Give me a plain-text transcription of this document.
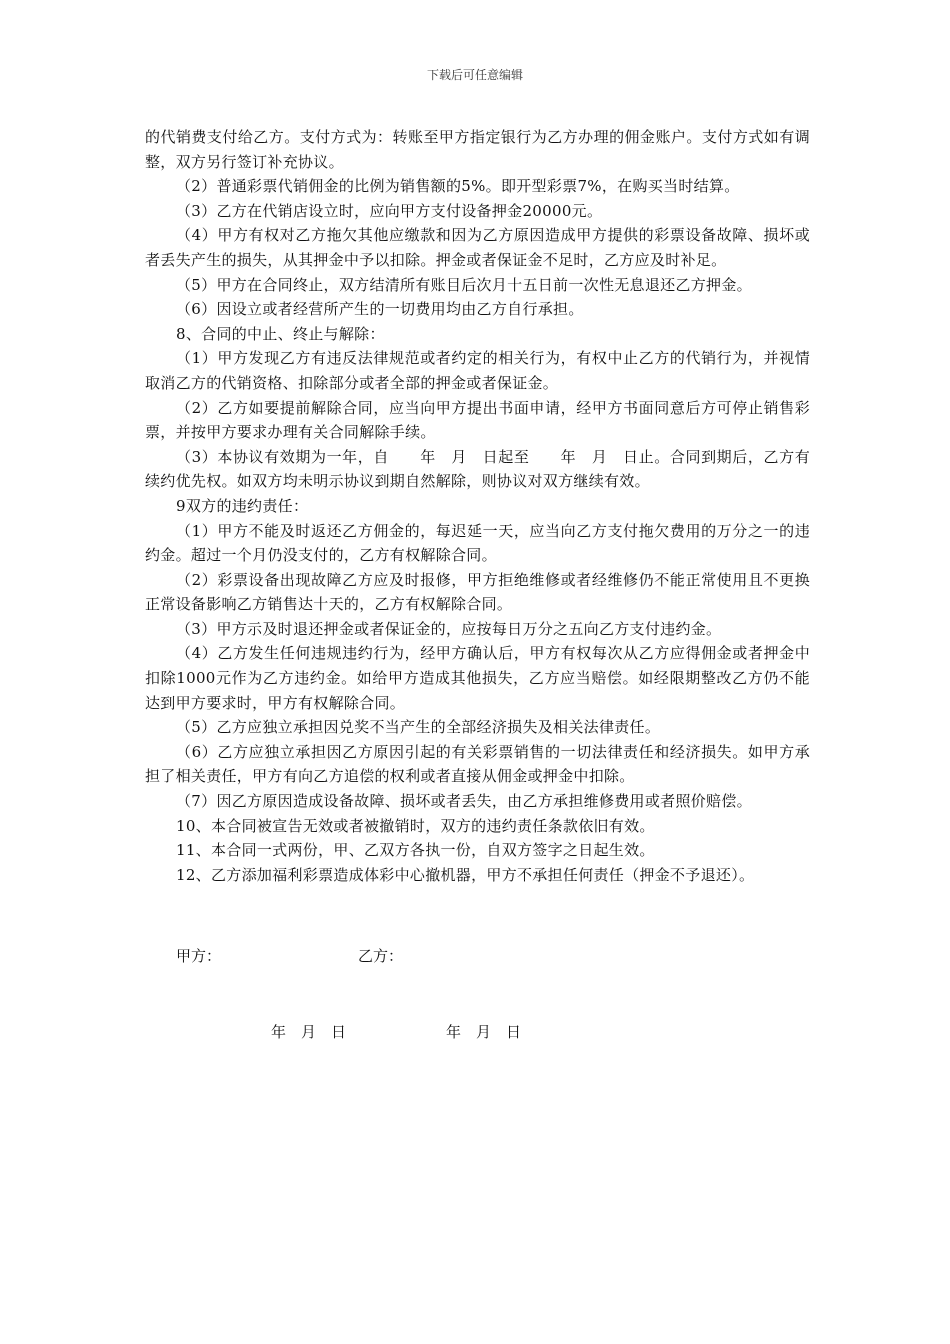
下载后可任意编辑

的代销费支付给乙方。支付方式为：转账至甲方指定银行为乙方办理的佣金账户。支付方式如有调整，双方另行签订补充协议。

（2）普通彩票代销佣金的比例为销售额的5%。即开型彩票7%，在购买当时结算。

（3）乙方在代销店设立时，应向甲方支付设备押金20000元。

（4）甲方有权对乙方拖欠其他应缴款和因为乙方原因造成甲方提供的彩票设备故障、损坏或者丢失产生的损失，从其押金中予以扣除。押金或者保证金不足时，乙方应及时补足。

（5）甲方在合同终止，双方结清所有账目后次月十五日前一次性无息退还乙方押金。

（6）因设立或者经营所产生的一切费用均由乙方自行承担。

8、合同的中止、终止与解除：

（1）甲方发现乙方有违反法律规范或者约定的相关行为，有权中止乙方的代销行为，并视情取消乙方的代销资格、扣除部分或者全部的押金或者保证金。

（2）乙方如要提前解除合同，应当向甲方提出书面申请，经甲方书面同意后方可停止销售彩票，并按甲方要求办理有关合同解除手续。

（3）本协议有效期为一年，自　　年　月　日起至　　年　月　日止。合同到期后，乙方有续约优先权。如双方均未明示协议到期自然解除，则协议对双方继续有效。

9双方的违约责任：

（1）甲方不能及时返还乙方佣金的，每迟延一天，应当向乙方支付拖欠费用的万分之一的违约金。超过一个月仍没支付的，乙方有权解除合同。

（2）彩票设备出现故障乙方应及时报修，甲方拒绝维修或者经维修仍不能正常使用且不更换正常设备影响乙方销售达十天的，乙方有权解除合同。

（3）甲方示及时退还押金或者保证金的，应按每日万分之五向乙方支付违约金。

（4）乙方发生任何违规违约行为，经甲方确认后，甲方有权每次从乙方应得佣金或者押金中扣除1000元作为乙方违约金。如给甲方造成其他损失，乙方应当赔偿。如经限期整改乙方仍不能达到甲方要求时，甲方有权解除合同。

（5）乙方应独立承担因兑奖不当产生的全部经济损失及相关法律责任。

（6）乙方应独立承担因乙方原因引起的有关彩票销售的一切法律责任和经济损失。如甲方承担了相关责任，甲方有向乙方追偿的权利或者直接从佣金或押金中扣除。

（7）因乙方原因造成设备故障、损坏或者丢失，由乙方承担维修费用或者照价赔偿。

10、本合同被宣告无效或者被撤销时，双方的违约责任条款依旧有效。

11、本合同一式两份，甲、乙双方各执一份，自双方签字之日起生效。

12、乙方添加福利彩票造成体彩中心撤机器，甲方不承担任何责任（押金不予退还）。

甲方：	乙方：
年　月　日	年　月　日
